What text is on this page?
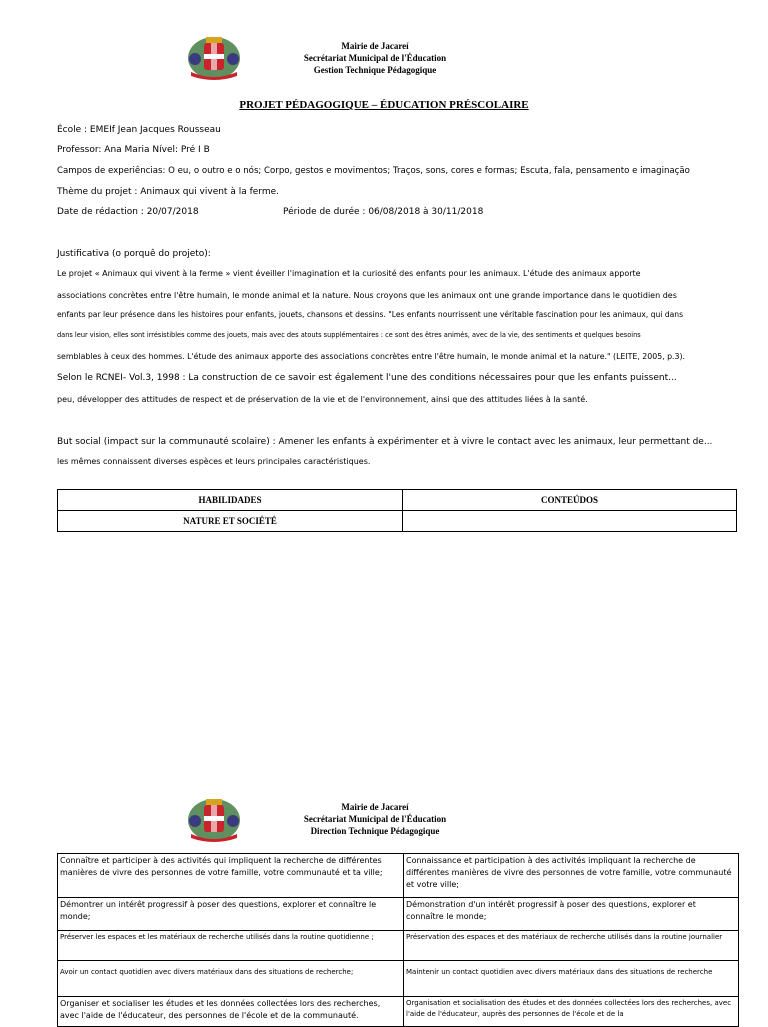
Mairie de Jacareí
Secrétariat Municipal de l'Éducation
Gestion Technique Pédagogique
PROJET PÉDAGOGIQUE – ÉDUCATION PRÉSCOLAIRE
École : EMEIf Jean Jacques Rousseau
Professor: Ana Maria Nível: Pré I B
Campos de experiências: O eu, o outro e o nós; Corpo, gestos e movimentos; Traços, sons, cores e formas; Escuta, fala, pensamento e imaginação
Thème du projet : Animaux qui vivent à la ferme.
Date de rédaction : 20/07/2018	Période de durée : 06/08/2018 à 30/11/2018
Justificativa (o porquê do projeto):
Le projet « Animaux qui vivent à la ferme » vient éveiller l'imagination et la curiosité des enfants pour les animaux. L'étude des animaux apporte
associations concrètes entre l'être humain, le monde animal et la nature. Nous croyons que les animaux ont une grande importance dans le quotidien des
enfants par leur présence dans les histoires pour enfants, jouets, chansons et dessins. "Les enfants nourrissent une véritable fascination pour les animaux, qui dans
dans leur vision, elles sont irrésistibles comme des jouets, mais avec des atouts supplémentaires : ce sont des êtres animés, avec de la vie, des sentiments et quelques besoins
semblables à ceux des hommes. L'étude des animaux apporte des associations concrètes entre l'être humain, le monde animal et la nature." (LEITE, 2005, p.3).
Selon le RCNEI- Vol.3, 1998 : La construction de ce savoir est également l'une des conditions nécessaires pour que les enfants puissent...
peu, développer des attitudes de respect et de préservation de la vie et de l'environnement, ainsi que des attitudes liées à la santé.
But social (impact sur la communauté scolaire) : Amener les enfants à expérimenter et à vivre le contact avec les animaux, leur permettant de...
les mêmes connaissent diverses espèces et leurs principales caractéristiques.
HABILIDADES	CONTEÚDOS
NATURE ET SOCIÉTÉ	
Mairie de Jacareí
Secrétariat Municipal de l'Éducation
Direction Technique Pédagogique
Connaître et participer à des activités qui impliquent la recherche de différentes manières de vivre des personnes de votre famille, votre communauté et ta ville;	Connaissance et participation à des activités impliquant la recherche de différentes manières de vivre des personnes de votre famille, votre communauté et votre ville;
Démontrer un intérêt progressif à poser des questions, explorer et connaître le monde;	Démonstration d'un intérêt progressif à poser des questions, explorer et connaître le monde;
Préserver les espaces et les matériaux de recherche utilisés dans la routine quotidienne ;	Préservation des espaces et des matériaux de recherche utilisés dans la routine journalier
Avoir un contact quotidien avec divers matériaux dans des situations de recherche;	Maintenir un contact quotidien avec divers matériaux dans des situations de recherche
Organiser et socialiser les études et les données collectées lors des recherches, avec l'aide de l'éducateur, des personnes de l'école et de la communauté.	Organisation et socialisation des études et des données collectées lors des recherches, avec l'aide de l'éducateur, auprès des personnes de l'école et de la
